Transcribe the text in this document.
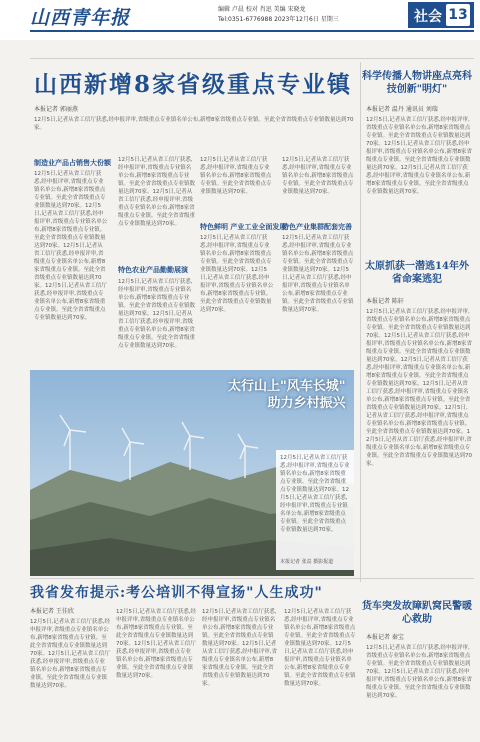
山西青年报	编辑 卢晨 校对 肖迅 美编 宋晓龙
Tel:0351-6776988 2023年12月6日 星期三	社会 13
山西新增8家省级重点专业镇
本报记者 郭丽燕
12月5日,记者从省工信厅获悉,经申报评审,省级重点专业镇名单公布,新增8家省级重点专业镇。至此全省省级重点专业镇数量达到70家。
制造业产品占销售大份额
12月5日,记者从省工信厅获悉,经申报评审,省级重点专业镇名单公布,新增8家省级重点专业镇。至此全省省级重点专业镇数量达到70家。12月5日,记者从省工信厅获悉,经申报评审,省级重点专业镇名单公布,新增8家省级重点专业镇。至此全省省级重点专业镇数量达到70家。12月5日,记者从省工信厅获悉,经申报评审,省级重点专业镇名单公布,新增8家省级重点专业镇。至此全省省级重点专业镇数量达到70家。12月5日,记者从省工信厅获悉,经申报评审,省级重点专业镇名单公布,新增8家省级重点专业镇。至此全省省级重点专业镇数量达到70家。
特色农业产品勤勤展演
12月5日,记者从省工信厅获悉,经申报评审,省级重点专业镇名单公布,新增8家省级重点专业镇。至此全省省级重点专业镇数量达到70家。12月5日,记者从省工信厅获悉,经申报评审,省级重点专业镇名单公布,新增8家省级重点专业镇。至此全省省级重点专业镇数量达到70家。
12月5日,记者从省工信厅获悉,经申报评审,省级重点专业镇名单公布,新增8家省级重点专业镇。至此全省省级重点专业镇数量达到70家。12月5日,记者从省工信厅获悉,经申报评审,省级重点专业镇名单公布,新增8家省级重点专业镇。至此全省省级重点专业镇数量达到70家。
特色鲜明 产业工业全面发展
12月5日,记者从省工信厅获悉,经申报评审,省级重点专业镇名单公布,新增8家省级重点专业镇。至此全省省级重点专业镇数量达到70家。
12月5日,记者从省工信厅获悉,经申报评审,省级重点专业镇名单公布,新增8家省级重点专业镇。至此全省省级重点专业镇数量达到70家。12月5日,记者从省工信厅获悉,经申报评审,省级重点专业镇名单公布,新增8家省级重点专业镇。至此全省省级重点专业镇数量达到70家。
特色产业集群配套完善
12月5日,记者从省工信厅获悉,经申报评审,省级重点专业镇名单公布,新增8家省级重点专业镇。至此全省省级重点专业镇数量达到70家。
12月5日,记者从省工信厅获悉,经申报评审,省级重点专业镇名单公布,新增8家省级重点专业镇。至此全省省级重点专业镇数量达到70家。12月5日,记者从省工信厅获悉,经申报评审,省级重点专业镇名单公布,新增8家省级重点专业镇。至此全省省级重点专业镇数量达到70家。
科学传播人物讲座点亮科技创新"明灯"
本报记者 温丹 通讯员 刘瑞
12月5日,记者从省工信厅获悉,经申报评审,省级重点专业镇名单公布,新增8家省级重点专业镇。至此全省省级重点专业镇数量达到70家。12月5日,记者从省工信厅获悉,经申报评审,省级重点专业镇名单公布,新增8家省级重点专业镇。至此全省省级重点专业镇数量达到70家。12月5日,记者从省工信厅获悉,经申报评审,省级重点专业镇名单公布,新增8家省级重点专业镇。至此全省省级重点专业镇数量达到70家。
太原抓获一潜逃14年外省命案逃犯
本报记者 陈轩
12月5日,记者从省工信厅获悉,经申报评审,省级重点专业镇名单公布,新增8家省级重点专业镇。至此全省省级重点专业镇数量达到70家。12月5日,记者从省工信厅获悉,经申报评审,省级重点专业镇名单公布,新增8家省级重点专业镇。至此全省省级重点专业镇数量达到70家。12月5日,记者从省工信厅获悉,经申报评审,省级重点专业镇名单公布,新增8家省级重点专业镇。至此全省省级重点专业镇数量达到70家。12月5日,记者从省工信厅获悉,经申报评审,省级重点专业镇名单公布,新增8家省级重点专业镇。至此全省省级重点专业镇数量达到70家。12月5日,记者从省工信厅获悉,经申报评审,省级重点专业镇名单公布,新增8家省级重点专业镇。至此全省省级重点专业镇数量达到70家。12月5日,记者从省工信厅获悉,经申报评审,省级重点专业镇名单公布,新增8家省级重点专业镇。至此全省省级重点专业镇数量达到70家。
太行山上"风车长城"
助力乡村振兴
12月5日,记者从省工信厅获悉,经申报评审,省级重点专业镇名单公布,新增8家省级重点专业镇。至此全省省级重点专业镇数量达到70家。12月5日,记者从省工信厅获悉,经申报评审,省级重点专业镇名单公布,新增8家省级重点专业镇。至此全省省级重点专业镇数量达到70家。
本报记者 张益 摄影报道
我省发布提示:考公培训不得宣扬"人生成功"
本报记者 王佳欣
12月5日,记者从省工信厅获悉,经申报评审,省级重点专业镇名单公布,新增8家省级重点专业镇。至此全省省级重点专业镇数量达到70家。12月5日,记者从省工信厅获悉,经申报评审,省级重点专业镇名单公布,新增8家省级重点专业镇。至此全省省级重点专业镇数量达到70家。
12月5日,记者从省工信厅获悉,经申报评审,省级重点专业镇名单公布,新增8家省级重点专业镇。至此全省省级重点专业镇数量达到70家。12月5日,记者从省工信厅获悉,经申报评审,省级重点专业镇名单公布,新增8家省级重点专业镇。至此全省省级重点专业镇数量达到70家。
12月5日,记者从省工信厅获悉,经申报评审,省级重点专业镇名单公布,新增8家省级重点专业镇。至此全省省级重点专业镇数量达到70家。12月5日,记者从省工信厅获悉,经申报评审,省级重点专业镇名单公布,新增8家省级重点专业镇。至此全省省级重点专业镇数量达到70家。
12月5日,记者从省工信厅获悉,经申报评审,省级重点专业镇名单公布,新增8家省级重点专业镇。至此全省省级重点专业镇数量达到70家。12月5日,记者从省工信厅获悉,经申报评审,省级重点专业镇名单公布,新增8家省级重点专业镇。至此全省省级重点专业镇数量达到70家。
货车突发故障趴窝民警暖心救助
本报记者 秦宝
12月5日,记者从省工信厅获悉,经申报评审,省级重点专业镇名单公布,新增8家省级重点专业镇。至此全省省级重点专业镇数量达到70家。12月5日,记者从省工信厅获悉,经申报评审,省级重点专业镇名单公布,新增8家省级重点专业镇。至此全省省级重点专业镇数量达到70家。
